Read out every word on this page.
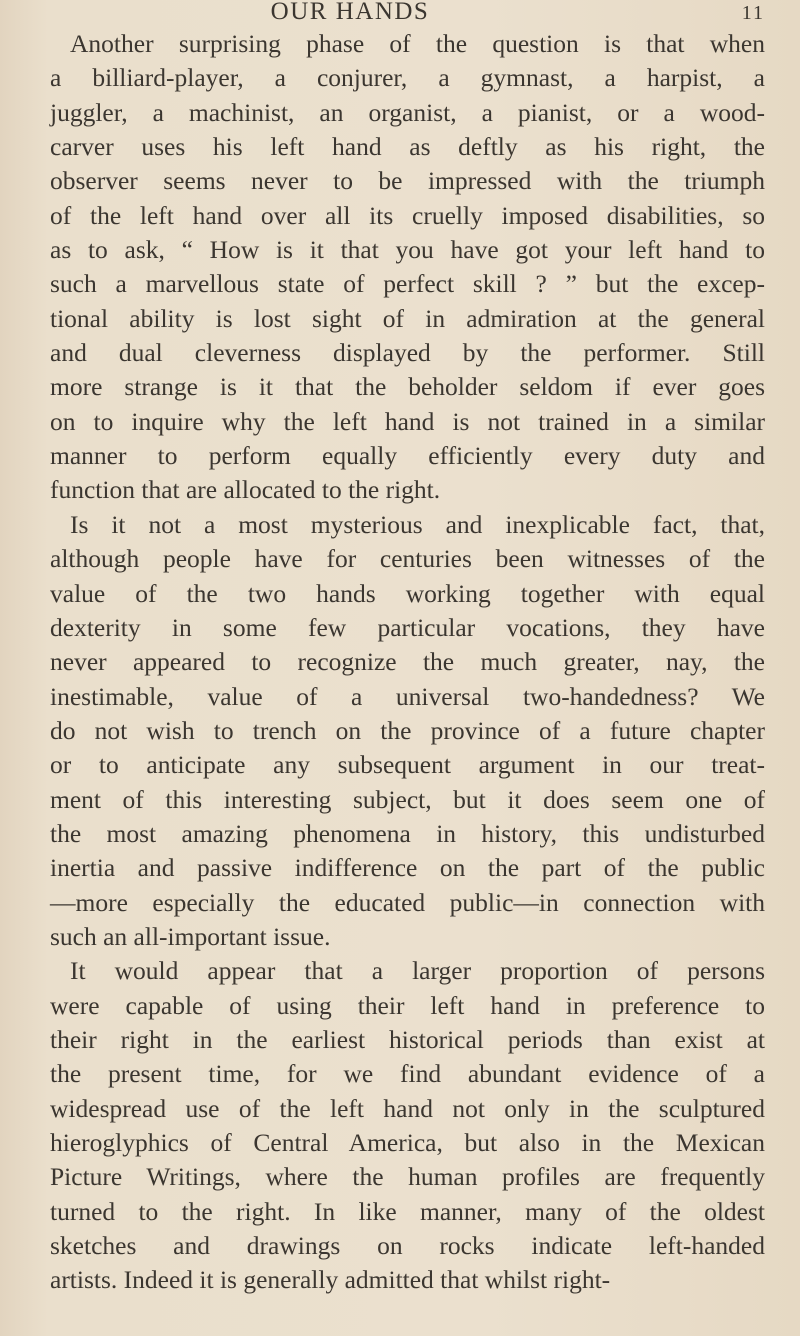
OUR HANDS	11
Another surprising phase of the question is that when
a billiard-player, a conjurer, a gymnast, a harpist, a
juggler, a machinist, an organist, a pianist, or a wood-
carver uses his left hand as deftly as his right, the
observer seems never to be impressed with the triumph
of the left hand over all its cruelly imposed disabilities, so
as to ask, “ How is it that you have got your left hand to
such a marvellous state of perfect skill ? ” but the excep-
tional ability is lost sight of in admiration at the general
and dual cleverness displayed by the performer. Still
more strange is it that the beholder seldom if ever goes
on to inquire why the left hand is not trained in a similar
manner to perform equally efficiently every duty and
function that are allocated to the right.
Is it not a most mysterious and inexplicable fact, that,
although people have for centuries been witnesses of the
value of the two hands working together with equal
dexterity in some few particular vocations, they have
never appeared to recognize the much greater, nay, the
inestimable, value of a universal two-handedness? We
do not wish to trench on the province of a future chapter
or to anticipate any subsequent argument in our treat-
ment of this interesting subject, but it does seem one of
the most amazing phenomena in history, this undisturbed
inertia and passive indifference on the part of the public
—more especially the educated public—in connection with
such an all-important issue.
It would appear that a larger proportion of persons
were capable of using their left hand in preference to
their right in the earliest historical periods than exist at
the present time, for we find abundant evidence of a
widespread use of the left hand not only in the sculptured
hieroglyphics of Central America, but also in the Mexican
Picture Writings, where the human profiles are frequently
turned to the right. In like manner, many of the oldest
sketches and drawings on rocks indicate left-handed
artists. Indeed it is generally admitted that whilst right-
